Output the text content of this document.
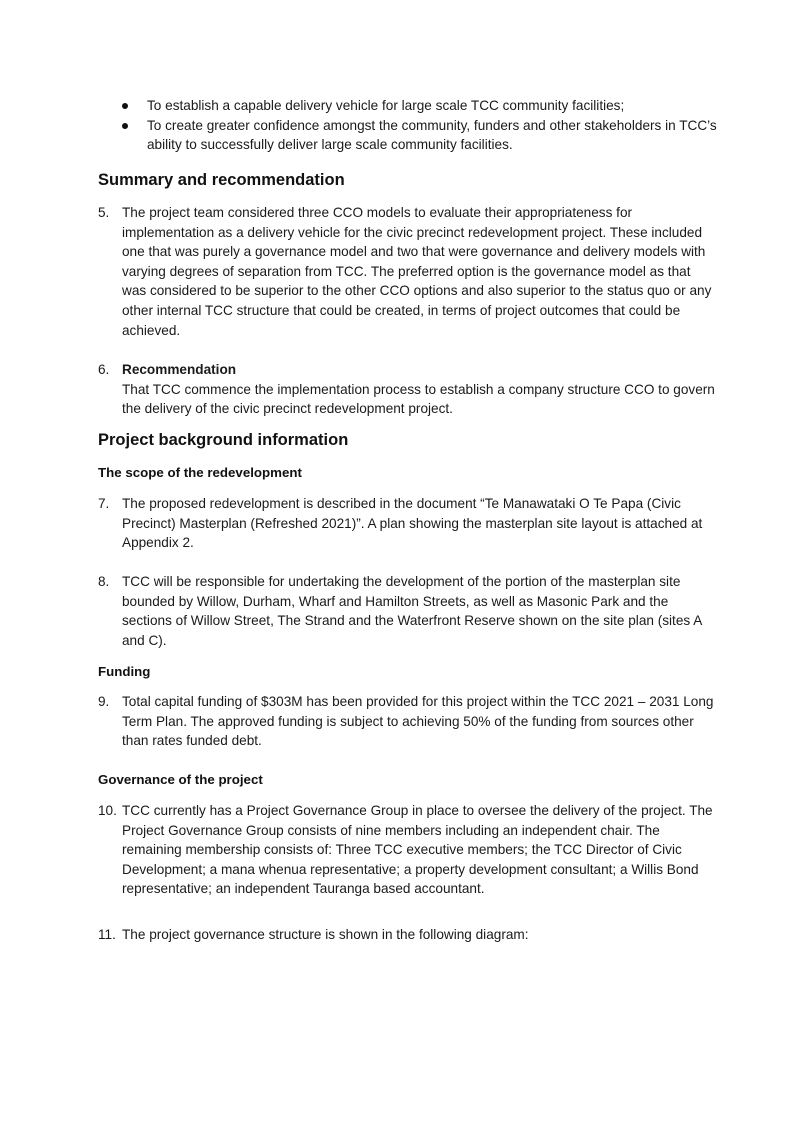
To establish a capable delivery vehicle for large scale TCC community facilities;
To create greater confidence amongst the community, funders and other stakeholders in TCC’s ability to successfully deliver large scale community facilities.
Summary and recommendation
5. The project team considered three CCO models to evaluate their appropriateness for implementation as a delivery vehicle for the civic precinct redevelopment project. These included one that was purely a governance model and two that were governance and delivery models with varying degrees of separation from TCC. The preferred option is the governance model as that was considered to be superior to the other CCO options and also superior to the status quo or any other internal TCC structure that could be created, in terms of project outcomes that could be achieved.
6. Recommendation
That TCC commence the implementation process to establish a company structure CCO to govern the delivery of the civic precinct redevelopment project.
Project background information
The scope of the redevelopment
7. The proposed redevelopment is described in the document “Te Manawataki O Te Papa (Civic Precinct) Masterplan (Refreshed 2021)”. A plan showing the masterplan site layout is attached at Appendix 2.
8. TCC will be responsible for undertaking the development of the portion of the masterplan site bounded by Willow, Durham, Wharf and Hamilton Streets, as well as Masonic Park and the sections of Willow Street, The Strand and the Waterfront Reserve shown on the site plan (sites A and C).
Funding
9. Total capital funding of $303M has been provided for this project within the TCC 2021 – 2031 Long Term Plan. The approved funding is subject to achieving 50% of the funding from sources other than rates funded debt.
Governance of the project
10. TCC currently has a Project Governance Group in place to oversee the delivery of the project. The Project Governance Group consists of nine members including an independent chair. The remaining membership consists of: Three TCC executive members; the TCC Director of Civic Development; a mana whenua representative; a property development consultant; a Willis Bond representative; an independent Tauranga based accountant.
11. The project governance structure is shown in the following diagram:
